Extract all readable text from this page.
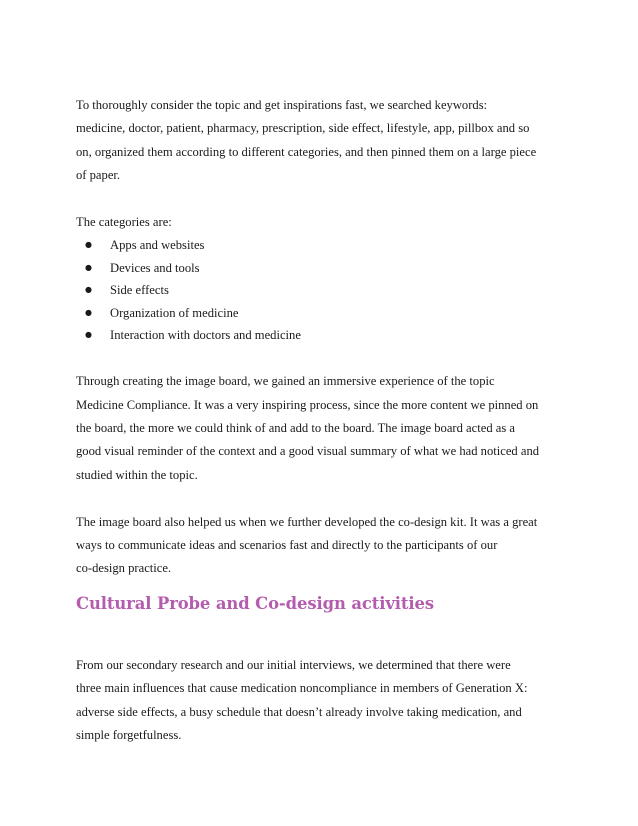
To thoroughly consider the topic and get inspirations fast, we searched keywords:
medicine, doctor, patient, pharmacy, prescription, side effect, lifestyle, app, pillbox and so
on, organized them according to different categories, and then pinned them on a large piece
of paper.
The categories are:
● Apps and websites
● Devices and tools
● Side effects
● Organization of medicine
● Interaction with doctors and medicine
Through creating the image board, we gained an immersive experience of the topic
Medicine Compliance. It was a very inspiring process, since the more content we pinned on
the board, the more we could think of and add to the board. The image board acted as a
good visual reminder of the context and a good visual summary of what we had noticed and
studied within the topic.
The image board also helped us when we further developed the co-design kit. It was a great
ways to communicate ideas and scenarios fast and directly to the participants of our
co-design practice.
Cultural Probe and Co-design activities
From our secondary research and our initial interviews, we determined that there were
three main influences that cause medication noncompliance in members of Generation X:
adverse side effects, a busy schedule that doesn’t already involve taking medication, and
simple forgetfulness.
